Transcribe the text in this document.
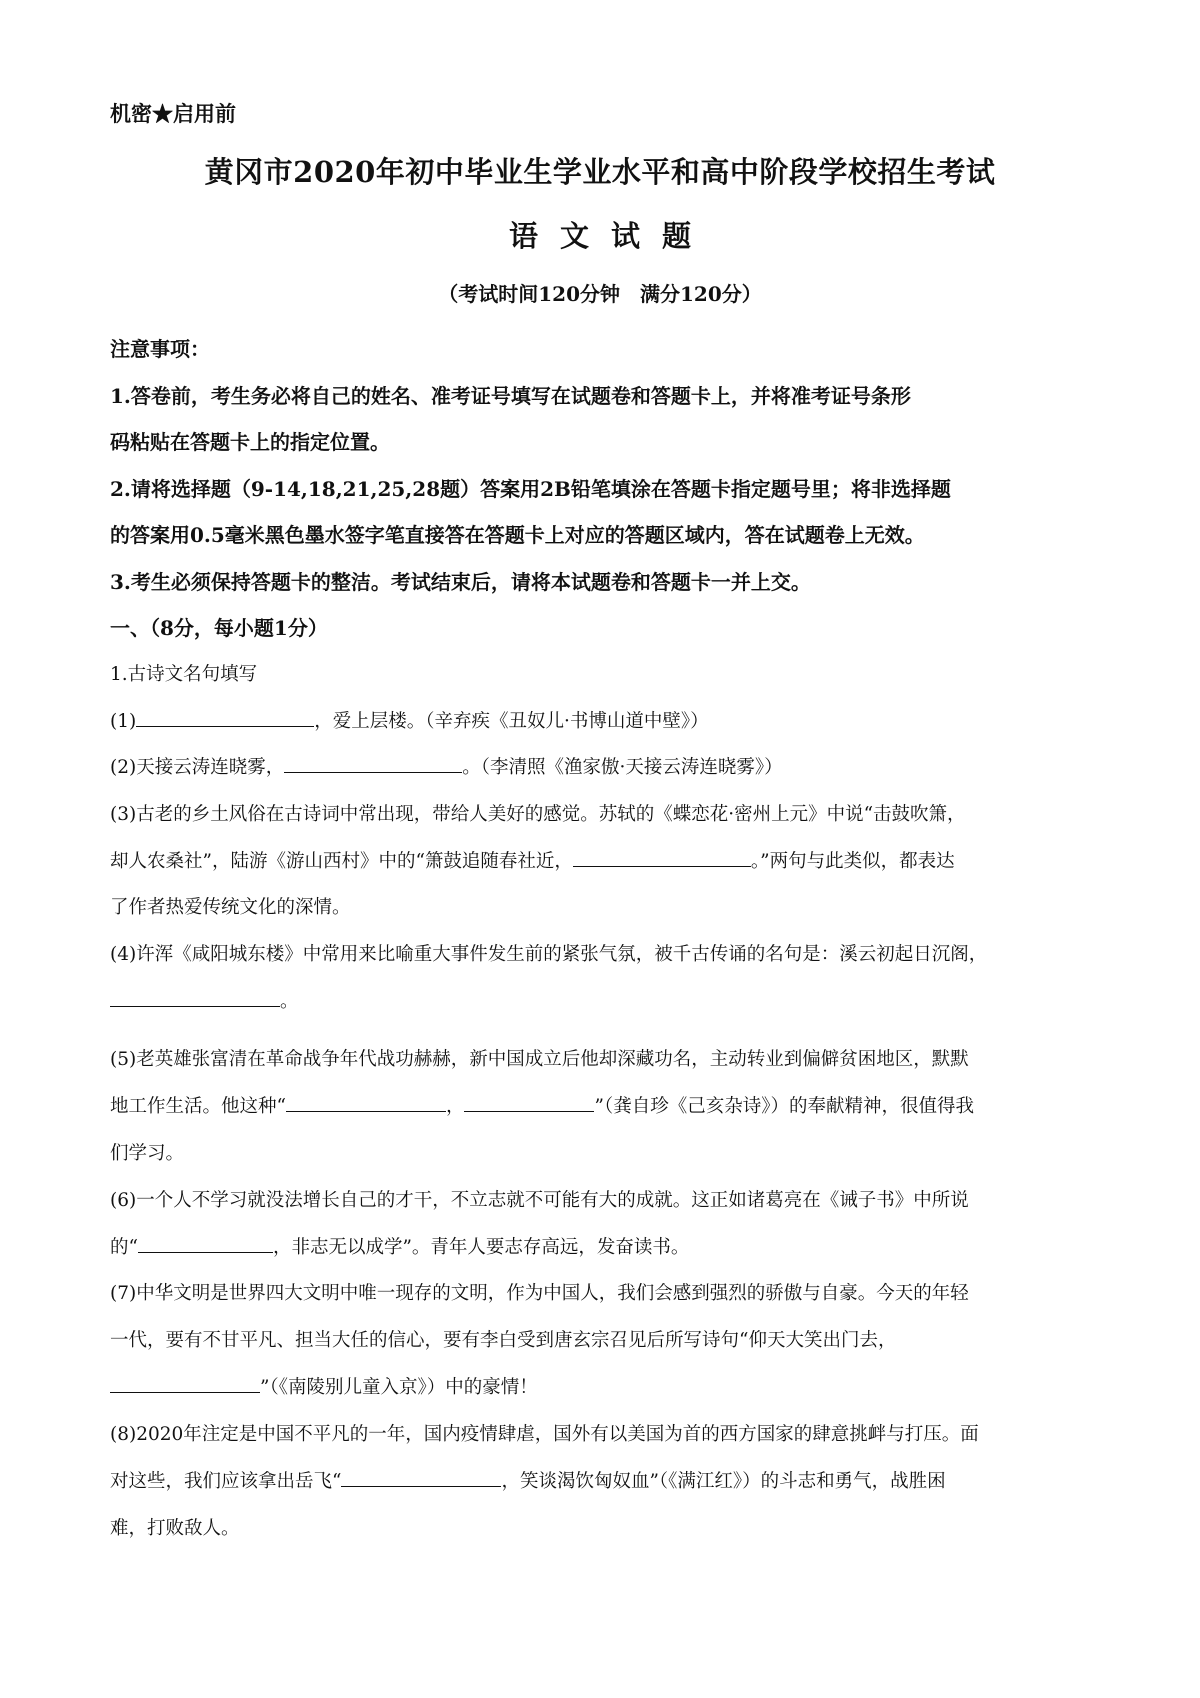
机密★启用前
黄冈市2020年初中毕业生学业水平和高中阶段学校招生考试
语文试题
（考试时间120分钟　满分120分）
注意事项：
1.答卷前，考生务必将自己的姓名、准考证号填写在试题卷和答题卡上，并将准考证号条形
码粘贴在答题卡上的指定位置。
2.请将选择题（9-14,18,21,25,28题）答案用2B铅笔填涂在答题卡指定题号里；将非选择题
的答案用0.5毫米黑色墨水签字笔直接答在答题卡上对应的答题区域内，答在试题卷上无效。
3.考生必须保持答题卡的整洁。考试结束后，请将本试题卷和答题卡一并上交。
一、（8分，每小题1分）
1.古诗文名句填写
(1)	，爱上层楼。（辛弃疾《丑奴儿·书博山道中壁》）
(2)天接云涛连晓雾，	。（李清照《渔家傲·天接云涛连晓雾》）
(3)古老的乡土风俗在古诗词中常出现，带给人美好的感觉。苏轼的《蝶恋花·密州上元》中说“击鼓吹箫，
却人农桑社”，陆游《游山西村》中的“箫鼓追随春社近，	。”两句与此类似，都表达
了作者热爱传统文化的深情。
(4)许浑《咸阳城东楼》中常用来比喻重大事件发生前的紧张气氛，被千古传诵的名句是：溪云初起日沉阁，
。
(5)老英雄张富清在革命战争年代战功赫赫，新中国成立后他却深藏功名，主动转业到偏僻贫困地区，默默
地工作生活。他这种“	，	”（龚自珍《己亥杂诗》）的奉献精神，很值得我
们学习。
(6)一个人不学习就没法增长自己的才干，不立志就不可能有大的成就。这正如诸葛亮在《诫子书》中所说
的“	，非志无以成学”。青年人要志存高远，发奋读书。
(7)中华文明是世界四大文明中唯一现存的文明，作为中国人，我们会感到强烈的骄傲与自豪。今天的年轻
一代，要有不甘平凡、担当大任的信心，要有李白受到唐玄宗召见后所写诗句“仰天大笑出门去，
”（《南陵别儿童入京》）中的豪情！
(8)2020年注定是中国不平凡的一年，国内疫情肆虐，国外有以美国为首的西方国家的肆意挑衅与打压。面
对这些，我们应该拿出岳飞“	，笑谈渴饮匈奴血”（《满江红》）的斗志和勇气，战胜困
难，打败敌人。
